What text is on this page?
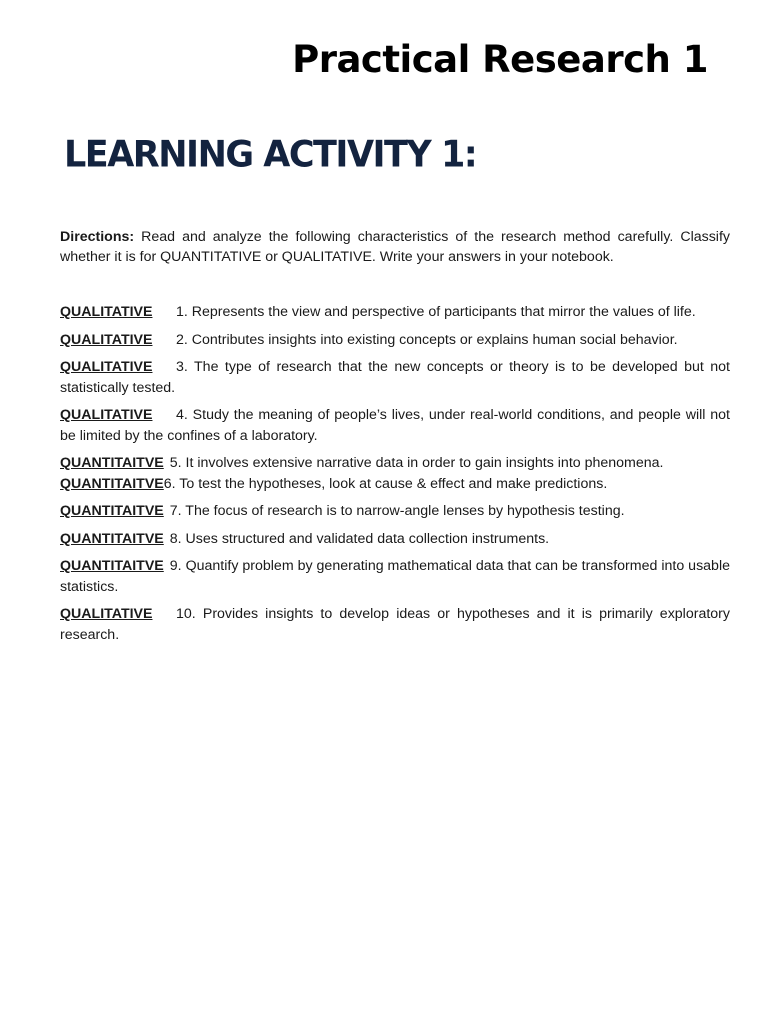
Practical Research 1
LEARNING ACTIVITY 1:
Directions: Read and analyze the following characteristics of the research method carefully. Classify whether it is for QUANTITATIVE or QUALITATIVE. Write your answers in your notebook.
QUALITATIVE 1. Represents the view and perspective of participants that mirror the values of life.
QUALITATIVE2. Contributes insights into existing concepts or explains human social behavior.
QUALITATIVE 3. The type of research that the new concepts or theory is to be developed but not statistically tested.
QUALITATIVE 4. Study the meaning of people’s lives, under real-world conditions, and people will not be limited by the confines of a laboratory.
QUANTITAITVE 5. It involves extensive narrative data in order to gain insights into phenomena.
QUANTITAITVE6. To test the hypotheses, look at cause & effect and make predictions.
QUANTITAITVE 7. The focus of research is to narrow-angle lenses by hypothesis testing.
QUANTITAITVE 8. Uses structured and validated data collection instruments.
QUANTITAITVE 9. Quantify problem by generating mathematical data that can be transformed into usable statistics.
QUALITATIVE 10. Provides insights to develop ideas or hypotheses and it is primarily exploratory research.
